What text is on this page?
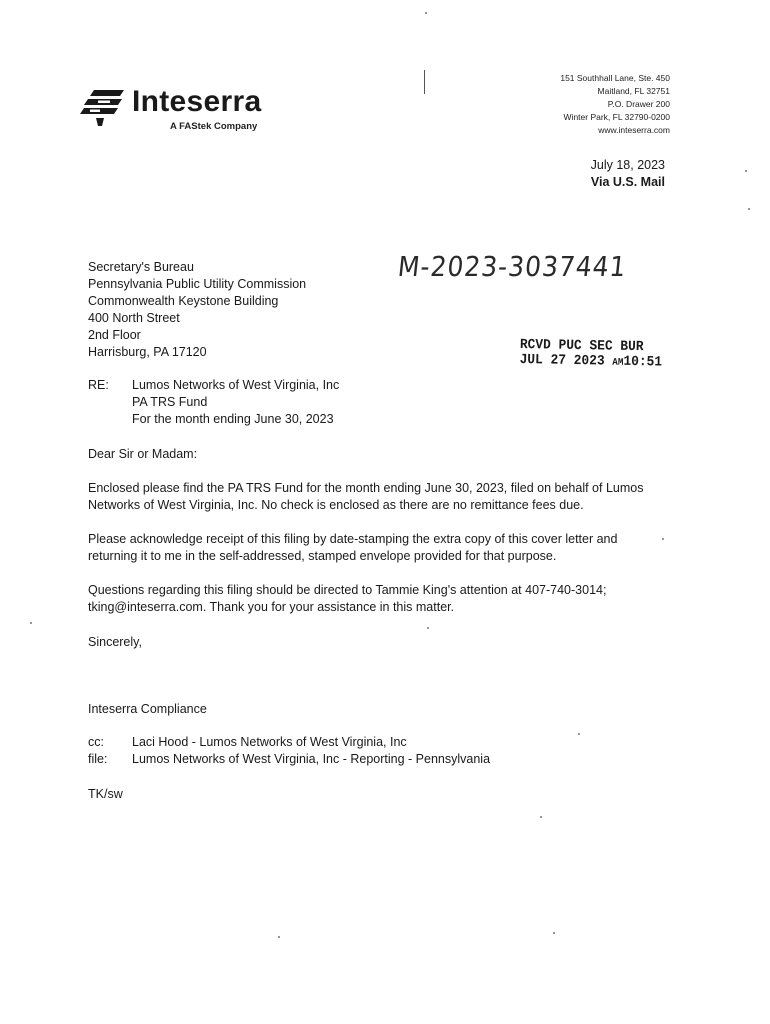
Inteserra
A FAStek Company
151 Southhall Lane, Ste. 450
Maitland, FL 32751
P.O. Drawer 200
Winter Park, FL 32790-0200
www.inteserra.com
July 18, 2023
Via U.S. Mail
M-2023-3037441
RCVD PUC SEC BUR
JUL 27 2023 AM10:51
Secretary's Bureau
Pennsylvania Public Utility Commission
Commonwealth Keystone Building
400 North Street
2nd Floor
Harrisburg, PA 17120
RE: Lumos Networks of West Virginia, Inc
PA TRS Fund
For the month ending June 30, 2023
Dear Sir or Madam:
Enclosed please find the PA TRS Fund for the month ending June 30, 2023, filed on behalf of Lumos Networks of West Virginia, Inc. No check is enclosed as there are no remittance fees due.
Please acknowledge receipt of this filing by date-stamping the extra copy of this cover letter and returning it to me in the self-addressed, stamped envelope provided for that purpose.
Questions regarding this filing should be directed to Tammie King's attention at 407-740-3014; tking@inteserra.com. Thank you for your assistance in this matter.
Sincerely,
Inteserra Compliance
cc: Laci Hood - Lumos Networks of West Virginia, Inc
file: Lumos Networks of West Virginia, Inc - Reporting - Pennsylvania
TK/sw
